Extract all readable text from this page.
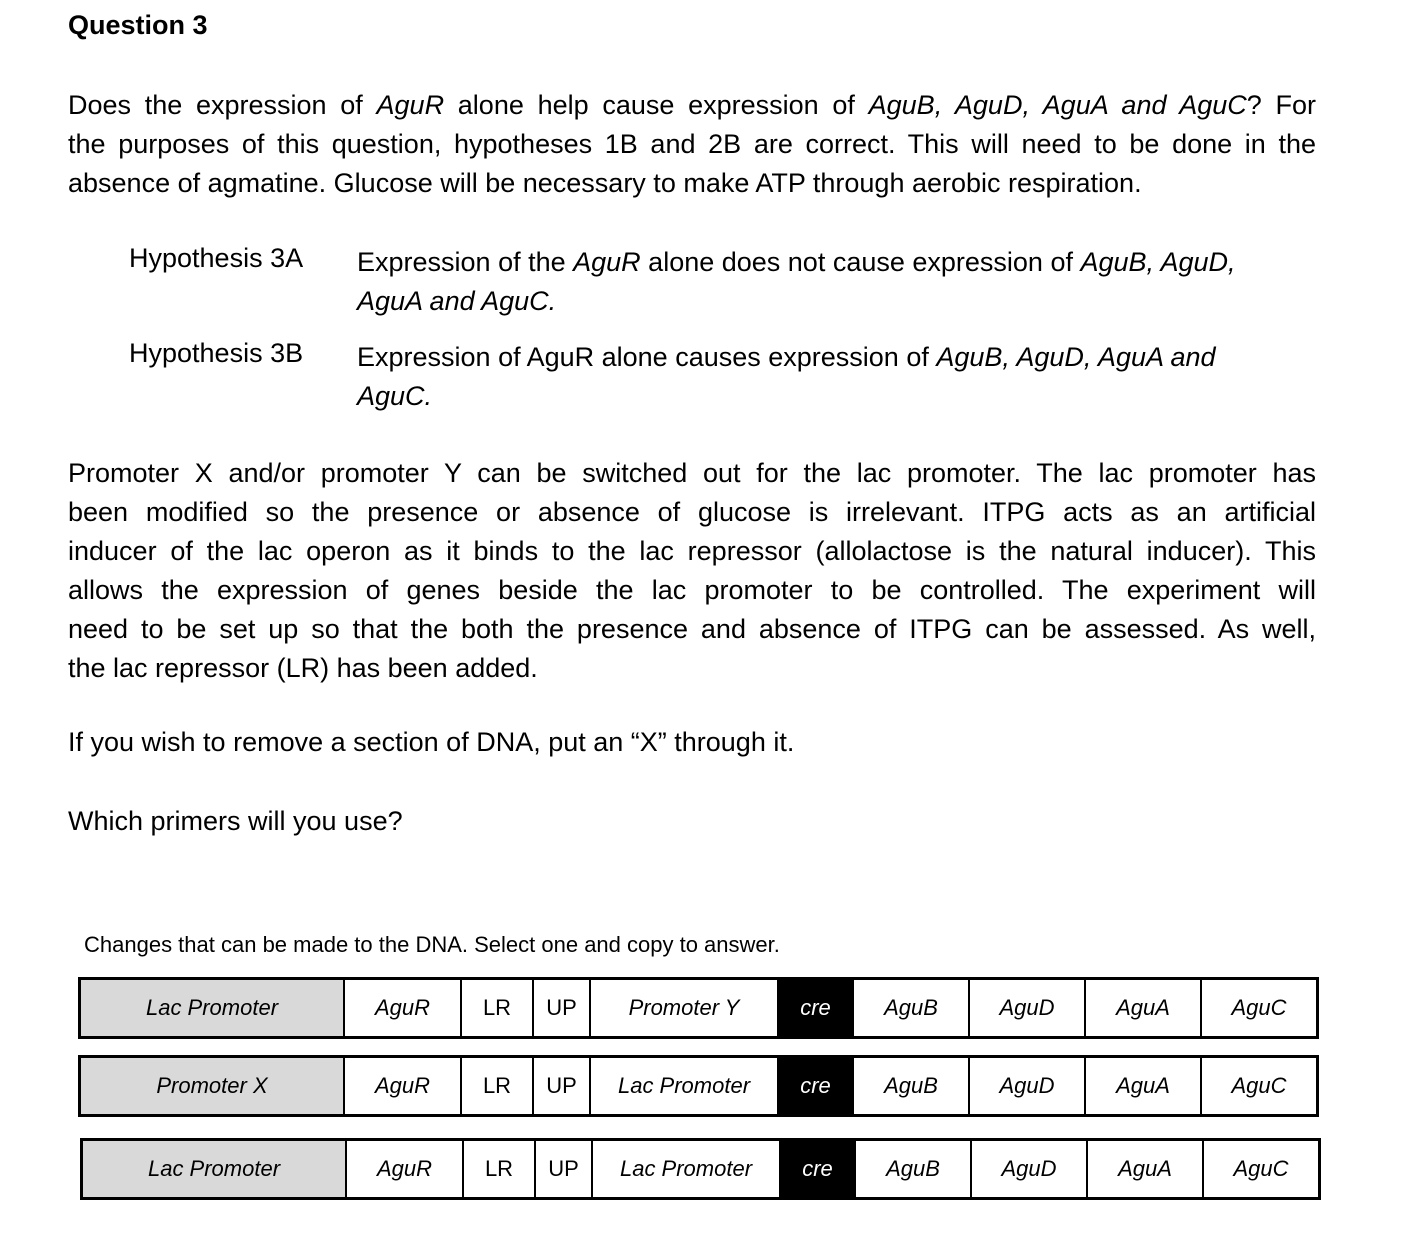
Question 3
Does the expression of AguR alone help cause expression of AguB, AguD, AguA and AguC? For
the purposes of this question, hypotheses 1B and 2B are correct. This will need to be done in the
absence of agmatine. Glucose will be necessary to make ATP through aerobic respiration.
Hypothesis 3A Expression of the AguR alone does not cause expression of AguB, AguD,
AguA and AguC.
Hypothesis 3B Expression of AguR alone causes expression of AguB, AguD, AguA and
AguC.
Promoter X and/or promoter Y can be switched out for the lac promoter. The lac promoter has
been modified so the presence or absence of glucose is irrelevant. ITPG acts as an artificial
inducer of the lac operon as it binds to the lac repressor (allolactose is the natural inducer). This
allows the expression of genes beside the lac promoter to be controlled. The experiment will
need to be set up so that the both the presence and absence of ITPG can be assessed. As well,
the lac repressor (LR) has been added.
If you wish to remove a section of DNA, put an “X” through it.
Which primers will you use?
Changes that can be made to the DNA. Select one and copy to answer.
Lac Promoter	AguR	LR	UP	Promoter Y	cre	AguB	AguD	AguA	AguC
Promoter X	AguR	LR	UP	Lac Promoter	cre	AguB	AguD	AguA	AguC
Lac Promoter	AguR	LR	UP	Lac Promoter	cre	AguB	AguD	AguA	AguC
